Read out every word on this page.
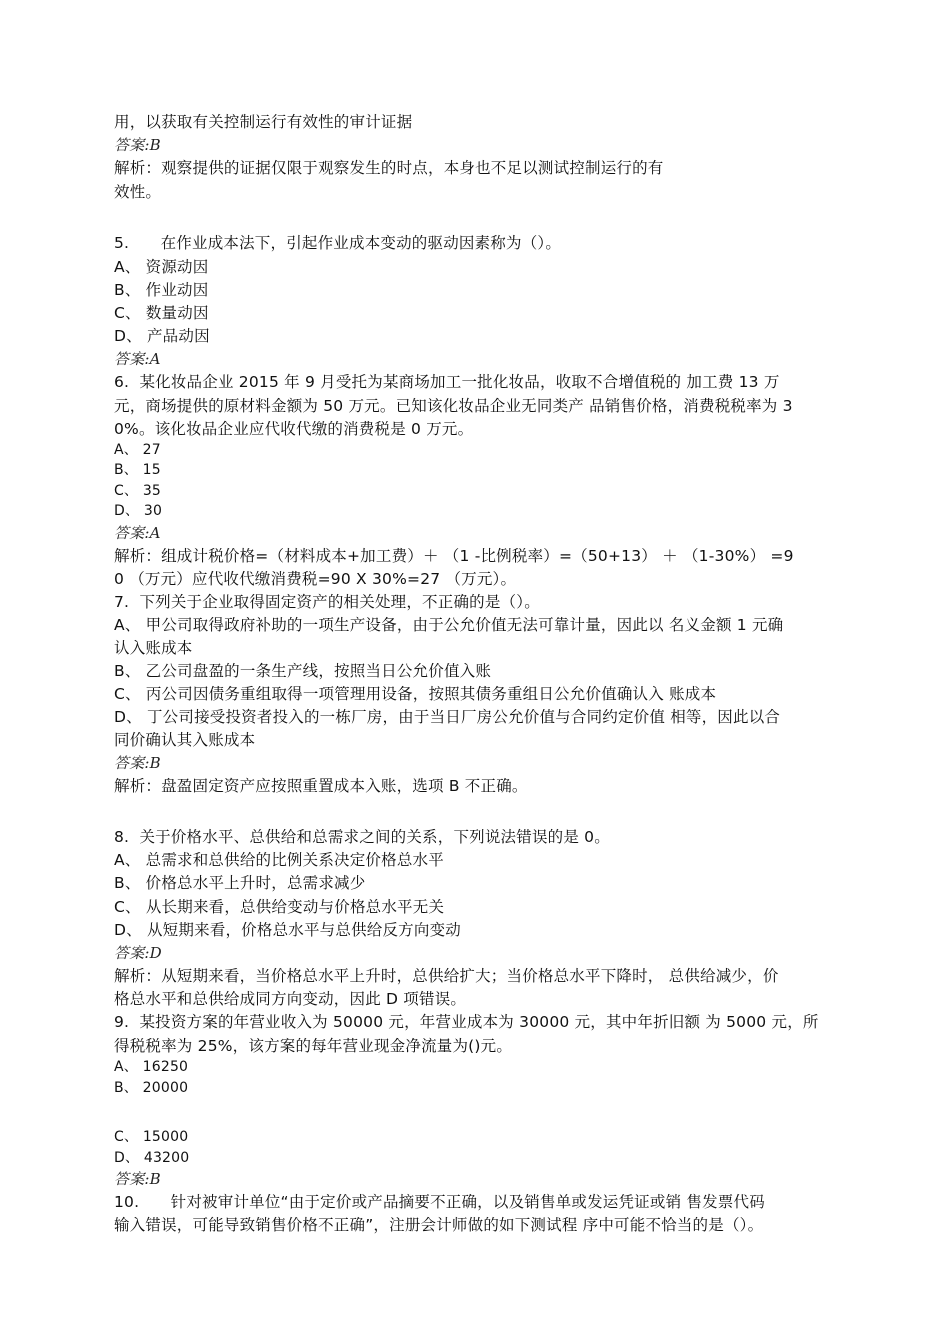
用，以获取有关控制运行有效性的审计证据
答案:B
解析：观察提供的证据仅限于观察发生的时点，本身也不足以测试控制运行的有
效性。
5.　　在作业成本法下，引起作业成本变动的驱动因素称为（）。
A、 资源动因
B、 作业动因
C、 数量动因
D、 产品动因
答案:A
6.  某化妆品企业 2015 年 9 月受托为某商场加工一批化妆品，收取不合增值税的 加工费 13 万
元，商场提供的原材料金额为 50 万元。已知该化妆品企业无同类产 品销售价格，消费税税率为 3
0%。该化妆品企业应代收代缴的消费税是 0 万元。
A、 27
B、 15
C、 35
D、 30
答案:A
解析：组成计税价格=（材料成本+加工费）＋ （1 -比例税率）=（50+13） ＋ （1-30%） =9
0 （万元）应代收代缴消费税=90 X 30%=27 （万元）。
7.  下列关于企业取得固定资产的相关处理，不正确的是（）。
A、 甲公司取得政府补助的一项生产设备，由于公允价值无法可靠计量，因此以 名义金额 1 元确
认入账成本
B、 乙公司盘盈的一条生产线，按照当日公允价值入账
C、 丙公司因债务重组取得一项管理用设备，按照其债务重组日公允价值确认入 账成本
D、 丁公司接受投资者投入的一栋厂房，由于当日厂房公允价值与合同约定价值 相等，因此以合
同价确认其入账成本
答案:B
解析：盘盈固定资产应按照重置成本入账，选项 B 不正确。
8.  关于价格水平、总供给和总需求之间的关系，下列说法错误的是 0。
A、 总需求和总供给的比例关系决定价格总水平
B、 价格总水平上升时，总需求减少
C、 从长期来看，总供给变动与价格总水平无关
D、 从短期来看，价格总水平与总供给反方向变动
答案:D
解析：从短期来看，当价格总水平上升时，总供给扩大；当价格总水平下降时， 总供给减少，价
格总水平和总供给成同方向变动，因此 D 项错误。
9.  某投资方案的年营业收入为 50000 元，年营业成本为 30000 元，其中年折旧额 为 5000 元，所
得税税率为 25%，该方案的每年营业现金净流量为()元。
A、 16250
B、 20000
C、 15000
D、 43200
答案:B
10.　　针对被审计单位“由于定价或产品摘要不正确，以及销售单或发运凭证或销 售发票代码
输入错误，可能导致销售价格不正确”，注册会计师做的如下测试程 序中可能不恰当的是（）。
